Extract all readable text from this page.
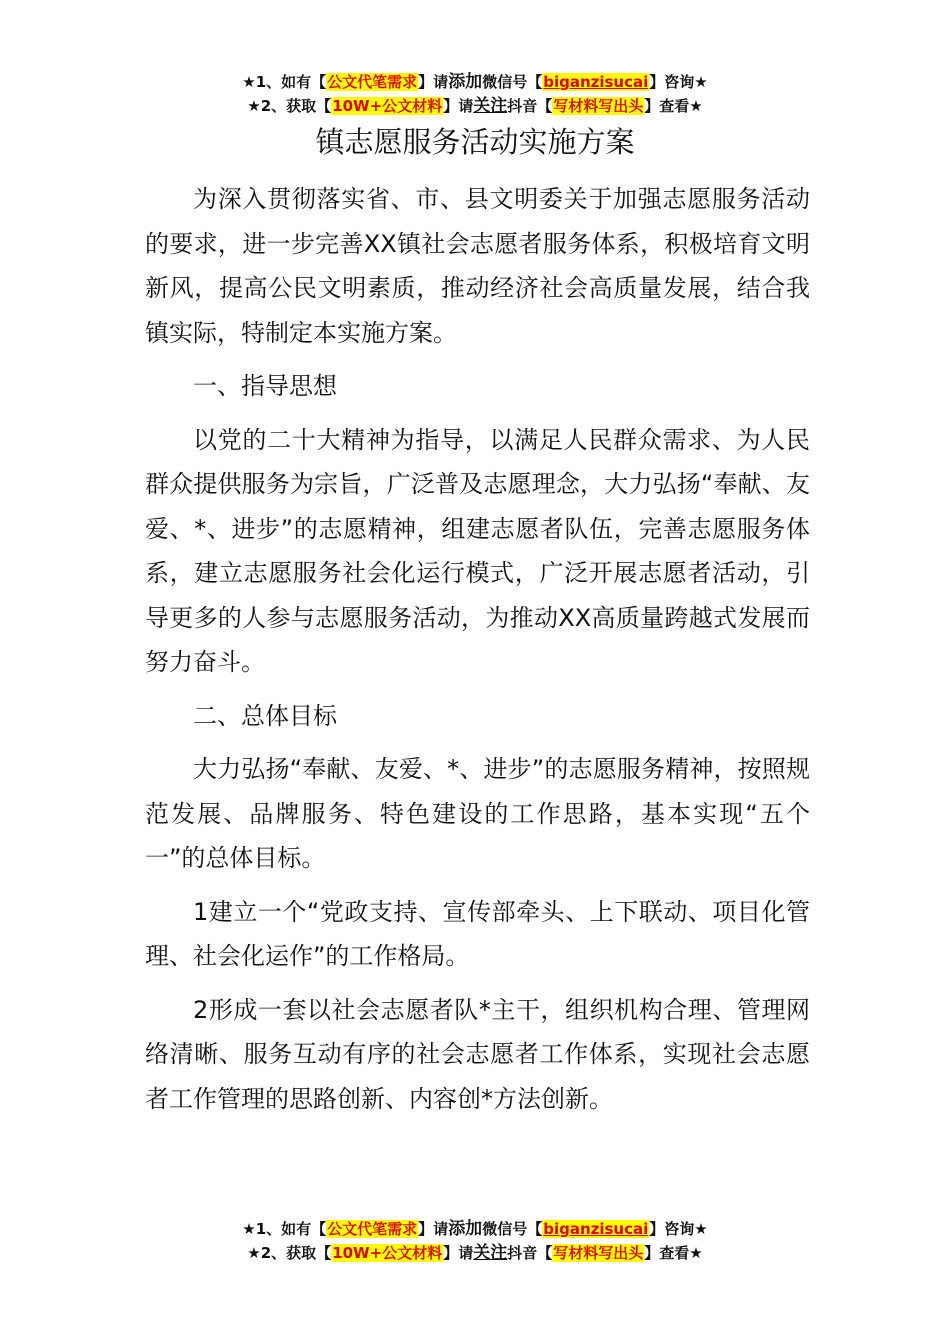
★1、如有【公文代笔需求】请添加微信号【biganzisucai】咨询★
★2、获取【10W+公文材料】请关注抖音【写材料写出头】查看★
镇志愿服务活动实施方案

为深入贯彻落实省、市、县文明委关于加强志愿服务活动的要求，进一步完善XX镇社会志愿者服务体系，积极培育文明新风，提高公民文明素质，推动经济社会高质量发展，结合我镇实际，特制定本实施方案。

一、指导思想

以党的二十大精神为指导，以满足人民群众需求、为人民群众提供服务为宗旨，广泛普及志愿理念，大力弘扬“奉献、友爱、*、进步”的志愿精神，组建志愿者队伍，完善志愿服务体系，建立志愿服务社会化运行模式，广泛开展志愿者活动，引导更多的人参与志愿服务活动，为推动XX高质量跨越式发展而努力奋斗。

二、总体目标

大力弘扬“奉献、友爱、*、进步”的志愿服务精神，按照规范发展、品牌服务、特色建设的工作思路，基本实现“五个一”的总体目标。

1建立一个“党政支持、宣传部牵头、上下联动、项目化管理、社会化运作”的工作格局。

2形成一套以社会志愿者队*主干，组织机构合理、管理网络清晰、服务互动有序的社会志愿者工作体系，实现社会志愿者工作管理的思路创新、内容创*方法创新。

★1、如有【公文代笔需求】请添加微信号【biganzisucai】咨询★
★2、获取【10W+公文材料】请关注抖音【写材料写出头】查看★
